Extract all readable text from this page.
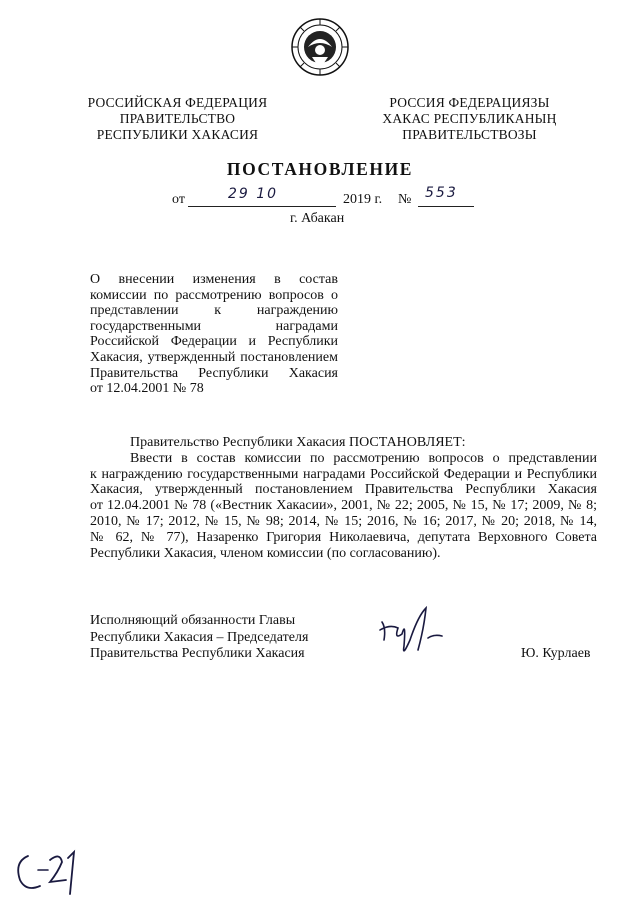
РОССИЙСКАЯ ФЕДЕРАЦИЯ
ПРАВИТЕЛЬСТВО
РЕСПУБЛИКИ ХАКАСИЯ
РОССИЯ ФЕДЕРАЦИЯЗЫ
ХАКАС РЕСПУБЛИКАНЫҢ
ПРАВИТЕЛЬСТВОЗЫ
ПОСТАНОВЛЕНИЕ
от	29 10	2019 г. № 553
г. Абакан
О внесении изменения в состав
комиссии по рассмотрению вопросов о
представлении к награждению
государственными наградами
Российской Федерации и Республики
Хакасия, утвержденный постановлением
Правительства Республики Хакасия
от 12.04.2001 № 78
Правительство Республики Хакасия ПОСТАНОВЛЯЕТ:
Ввести в состав комиссии по рассмотрению вопросов о представлении
к награждению государственными наградами Российской Федерации и Республики
Хакасия, утвержденный постановлением Правительства Республики Хакасия
от 12.04.2001 № 78 («Вестник Хакасии», 2001, № 22; 2005, № 15, № 17; 2009, № 8;
2010, № 17; 2012, № 15, № 98; 2014, № 15; 2016, № 16; 2017, № 20; 2018, № 14,
№ 62, № 77), Назаренко Григория Николаевича, депутата Верховного Совета
Республики Хакасия, членом комиссии (по согласованию).
Исполняющий обязанности Главы
Республики Хакасия – Председателя
Правительства Республики Хакасия	Ю. Курлаев
